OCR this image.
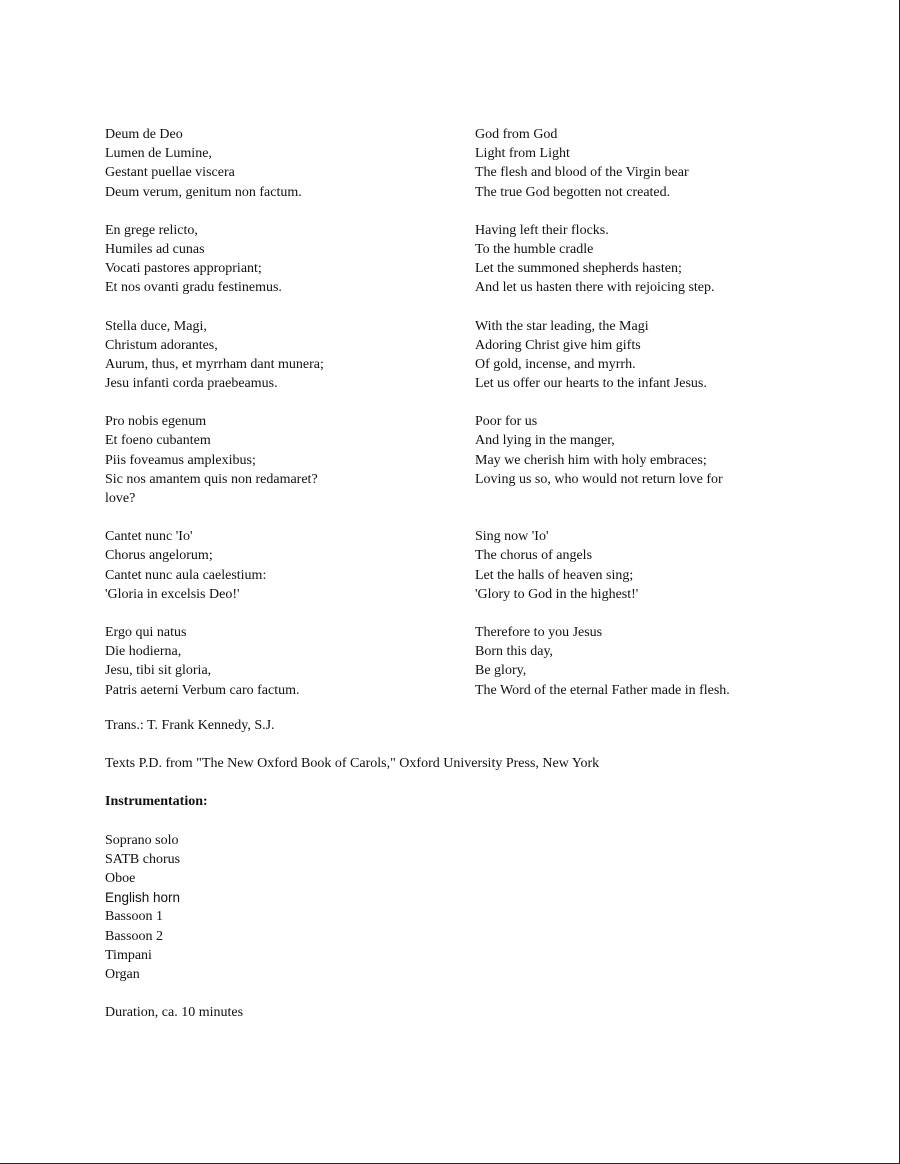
Deum de Deo
Lumen de Lumine,
Gestant puellae viscera
Deum verum, genitum non factum.
God from God
Light from Light
The flesh and blood of the Virgin bear
The true God begotten not created.
En grege relicto,
Humiles ad cunas
Vocati pastores appropriant;
Et nos ovanti gradu festinemus.
Having left their flocks.
To the humble cradle
Let the summoned shepherds hasten;
And let us hasten there with rejoicing step.
Stella duce, Magi,
Christum adorantes,
Aurum, thus, et myrrham dant munera;
Jesu infanti corda praebeamus.
With the star leading, the Magi
Adoring Christ give him gifts
Of gold, incense, and myrrh.
Let us offer our hearts to the infant Jesus.
Pro nobis egenum
Et foeno cubantem
Piis foveamus amplexibus;
Sic nos amantem quis non redamaret?
love?
Poor for us
And lying in the manger,
May we cherish him with holy embraces;
Loving us so, who would not return love for
Cantet nunc 'Io'
Chorus angelorum;
Cantet nunc aula caelestium:
'Gloria in excelsis Deo!'
Sing now 'Io'
The chorus of angels
Let the halls of heaven sing;
'Glory to God in the highest!'
Ergo qui natus
Die hodierna,
Jesu, tibi sit gloria,
Patris aeterni Verbum caro factum.
Therefore to you Jesus
Born this day,
Be glory,
The Word of the eternal Father made in flesh.
Trans.: T. Frank Kennedy, S.J.
Texts P.D. from "The New Oxford Book of Carols," Oxford University Press, New York
Instrumentation:
Soprano solo
SATB chorus
Oboe
English horn
Bassoon 1
Bassoon 2
Timpani
Organ
Duration, ca. 10 minutes
